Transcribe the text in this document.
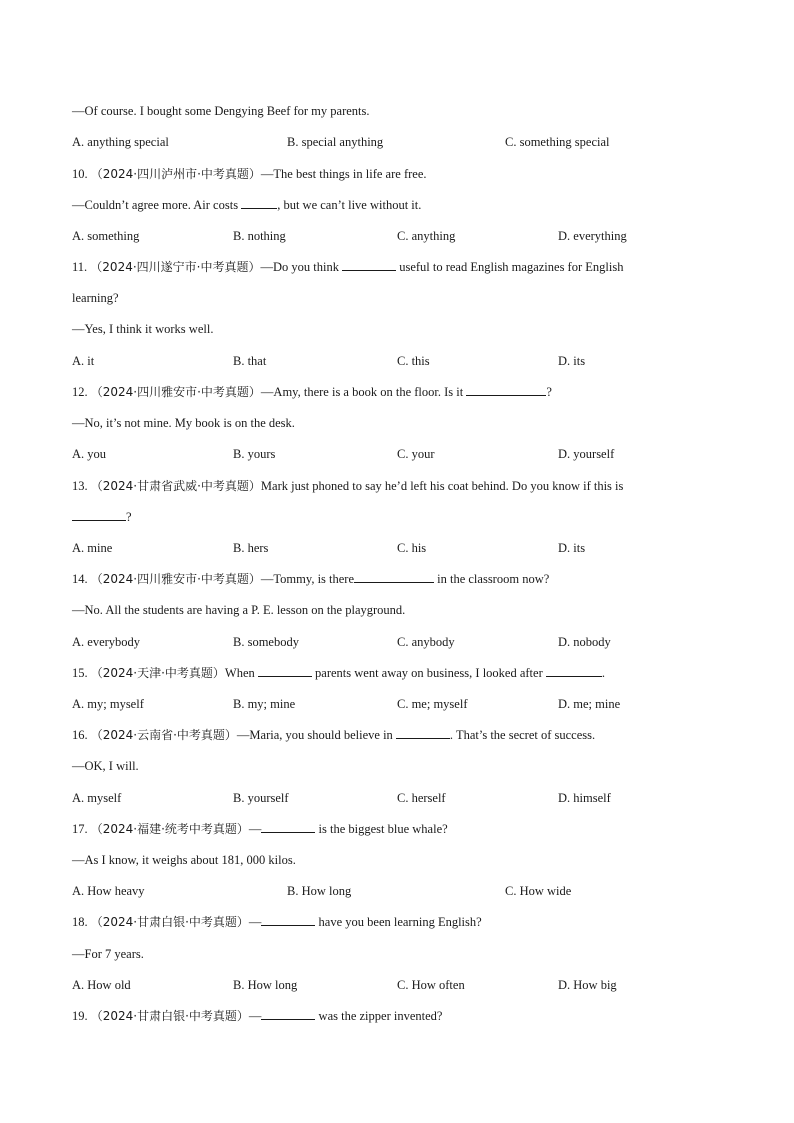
—Of course. I bought some Dengying Beef for my parents.
A. anything special	B. special anything	C. something special
10. （2024·四川泸州市·中考真题）—The best things in life are free.
—Couldn’t agree more. Air costs	, but we can’t live without it.
A. something	B. nothing	C. anything	D. everything
11. （2024·四川遂宁市·中考真题）—Do you think	useful to read English magazines for English
learning?
—Yes, I think it works well.
A. it	B. that	C. this	D. its
12. （2024·四川雅安市·中考真题）—Amy, there is a book on the floor. Is it	?
—No, it’s not mine. My book is on the desk.
A. you	B. yours	C. your	D. yourself
13. （2024·甘肃省武威·中考真题）Mark just phoned to say he’d left his coat behind. Do you know if this is
?
A. mine	B. hers	C. his	D. its
14. （2024·四川雅安市·中考真题）—Tommy, is there	in the classroom now?
—No. All the students are having a P. E. lesson on the playground.
A. everybody	B. somebody	C. anybody	D. nobody
15. （2024·天津·中考真题）When	parents went away on business, I looked after	.
A. my; myself	B. my; mine	C. me; myself	D. me; mine
16. （2024·云南省·中考真题）—Maria, you should believe in	. That’s the secret of success.
—OK, I will.
A. myself	B. yourself	C. herself	D. himself
17. （2024·福建·统考中考真题）—	is the biggest blue whale?
—As I know, it weighs about 181, 000 kilos.
A. How heavy	B. How long	C. How wide
18. （2024·甘肃白银·中考真题）—	have you been learning English?
—For 7 years.
A. How old	B. How long	C. How often	D. How big
19. （2024·甘肃白银·中考真题）—	was the zipper invented?
